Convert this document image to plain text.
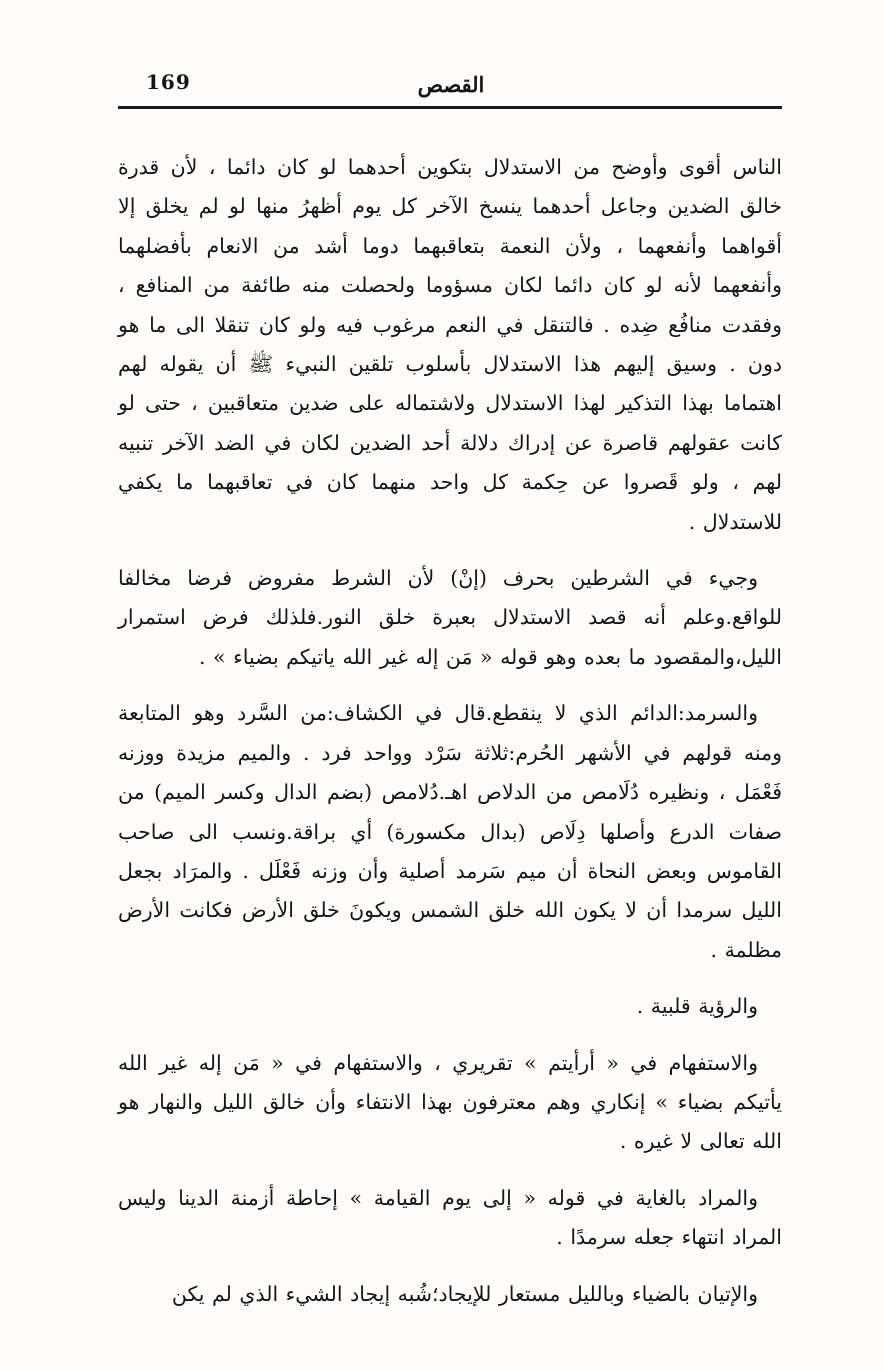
169	القصص

الناس أقوى وأوضح من الاستدلال بتكوين أحدهما لو كان دائما ، لأن قدرة خالق الضدين وجاعل أحدهما ينسخ الآخر كل يوم أظهرُ منها لو لم يخلق إلا أقواهما وأنفعهما ، ولأن النعمة بتعاقبهما دوما أشد من الانعام بأفضلهما وأنفعهما لأنه لو كان دائما لكان مسؤوما ولحصلت منه طائفة من المنافع ، وفقدت منافُع ضِده . فالتنقل في النعم مرغوب فيه ولو كان تنقلا الى ما هو دون . وسيق إليهم هذا الاستدلال بأسلوب تلقين النبيء ﷺ أن يقوله لهم اهتماما بهذا التذكير لهذا الاستدلال ولاشتماله على ضدين متعاقبين ، حتى لو كانت عقولهم قاصرة عن إدراك دلالة أحد الضدين لكان في الضد الآخر تنبيه لهم ، ولو قَصروا عن حِكمة كل واحد منهما كان في تعاقبهما ما يكفي للاستدلال .

وجيء في الشرطين بحرف (إنْ) لأن الشرط مفروض فرضا مخالفا للواقع.وعلم أنه قصد الاستدلال بعبرة خلق النور.فلذلك فرض استمرار الليل،والمقصود ما بعده وهو قوله « مَن إله غير الله ياتيكم بضياء » .

والسرمد:الدائم الذي لا ينقطع.قال في الكشاف:من السَّرد وهو المتابعة ومنه قولهم في الأشهر الحُرم:ثلاثة سَرْد وواحد فرد . والميم مزيدة ووزنه فَعْمَل ، ونظيره دُلَامص من الدلاص اهـ.دُلامص (بضم الدال وكسر الميم) من صفات الدرع وأصلها دِلَاص (بدال مكسورة) أي براقة.ونسب الى صاحب القاموس وبعض النحاة أن ميم سَرمد أصلية وأن وزنه فَعْلَل . والمرَاد بجعل الليل سرمدا أن لا يكون الله خلق الشمس ويكونَ خلق الأرض فكانت الأرض مظلمة .

والرؤية قلبية .

والاستفهام في « أرأيتم » تقريري ، والاستفهام في « مَن إله غير الله يأتيكم بضياء » إنكاري وهم معترفون بهذا الانتفاء وأن خالق الليل والنهار هو الله تعالى لا غيره .

والمراد بالغاية في قوله « إلى يوم القيامة » إحاطة أزمنة الدينا وليس المراد انتهاء جعله سرمدًا .

والإتيان بالضياء وبالليل مستعار للإيجاد؛شُبه إيجاد الشيء الذي لم يكن
